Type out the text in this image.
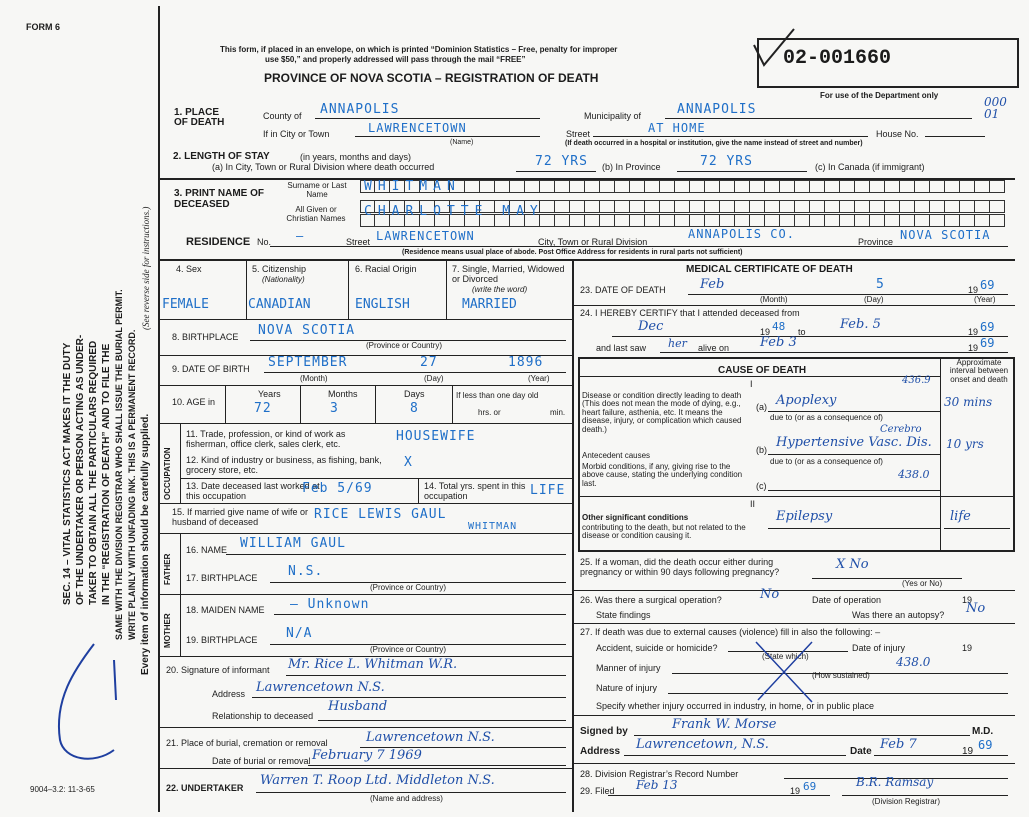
FORM 6
This form, if placed in an envelope, on which is printed “Dominion Statistics – Free, penalty for improper
use $50,” and properly addressed will pass through the mail “FREE”
PROVINCE OF NOVA SCOTIA – REGISTRATION OF DEATH
02-001660
For use of the Department only	000 01
SEC. 14 – VITAL STATISTICS ACT MAKES IT THE DUTY OF THE UNDERTAKER OR PERSON ACTING AS UNDER- TAKER TO OBTAIN ALL THE PARTICULARS REQUIRED IN THE “REGISTRATION OF DEATH” AND TO FILE THE SAME WITH THE DIVISION REGISTRAR WHO SHALL ISSUE THE BURIAL PERMIT. WRITE PLAINLY WITH UNFADING INK. THIS IS A PERMANENT RECORD. Every item of information should be carefully supplied.
(See reverse side for instructions.)
9004–3.2: 11-3-65
1. PLACE OF DEATH
County of ANNAPOLIS	Municipality of	ANNAPOLIS
If in City or Town	LAWRENCETOWN
(Name)
Street	AT HOME	House No.
(If death occurred in a hospital or institution, give the name instead of street and number)
2. LENGTH OF STAY	(in years, months and days)
(a) In City, Town or Rural Division where death occurred	72 YRS (b) In Province	72 YRS	(c) In Canada (if immigrant)
3. PRINT NAME OF DECEASED
Surname or Last Name
All Given or Christian Names
WHITMAN
CHARLOTTE MAY
RESIDENCE No. —	Street LAWRENCETOWN	City, Town or Rural Division
ANNAPOLIS CO.
Province NOVA SCOTIA
(Residence means usual place of abode. Post Office Address for residents in rural parts not sufficient)
4. Sex
FEMALE
5. Citizenship
(Nationality)
CANADIAN
6. Racial Origin
ENGLISH
7. Single, Married, Widowed or Divorced
(write the word)
MARRIED
8. BIRTHPLACE NOVA SCOTIA
(Province or Country)
9. DATE OF BIRTH SEPTEMBER	27	1896
(Month)	(Day)	(Year)
10. AGE in
Years	Months	Days
72	3	8
If less than one day old
hrs. or	min.
OCCUPATION
11. Trade, profession, or kind of work as fisherman, office clerk, sales clerk, etc.	HOUSEWIFE
12. Kind of industry or business, as fishing, bank, grocery store, etc.	X
13. Date deceased last worked at this occupation	Feb 5/69	14. Total yrs. spent in this occupation	LIFE
15. If married give name of wife or husband of deceased	RICE LEWIS GAUL
WHITMAN
FATHER
16. NAME WILLIAM GAUL
17. BIRTHPLACE N.S.
(Province or Country)
MOTHER
18. MAIDEN NAME — Unknown
19. BIRTHPLACE N/A
(Province or Country)
20. Signature of informant Mr. Rice L. Whitman W.R.
Address Lawrencetown N.S.
Relationship to deceased
Husband
21. Place of burial, cremation or removal	Lawrencetown N.S.
Date of burial or removal February 7 1969
22. UNDERTAKER Warren T. Roop Ltd. Middleton N.S.
(Name and address)
MEDICAL CERTIFICATE OF DEATH
23. DATE OF DEATH	Feb	5	19 69
(Month)	(Day)	(Year)
24. I HEREBY CERTIFY that I attended deceased from
Dec	19 48 to	Feb. 5	19 69
and last saw her alive on Feb 3	19 69
CAUSE OF DEATH
Approximate interval between onset and death
I
Disease or condition directly leading to death (This does not mean the mode of dying, e.g., heart failure, asthenia, etc. It means the disease, injury, or complication which caused death.)
(a) Apoplexy
436.9
30 mins
due to (or as a consequence of)
Antecedent causes
Morbid conditions, if any, giving rise to the above cause, stating the underlying condition last.
Cerebro
(b) Hypertensive Vasc. Dis. 10 yrs
due to (or as a consequence of)
438.0
(c)
II
Other significant conditions
contributing to the death, but not related to the disease or condition causing it.
Epilepsy	life
25. If a woman, did the death occur either during pregnancy or within 90 days following pregnancy?	X No
(Yes or No)
26. Was there a surgical operation?	No	Date of operation	19
State findings	Was there an autopsy? No
27. If death was due to external causes (violence) fill in also the following: –
Accident, suicide or homicide?
(State which)
Date of injury	19
438.0
Manner of injury
(How sustained)
Nature of injury
Specify whether injury occurred in industry, in home, or in public place
Signed by	Frank W. Morse	M.D.
Address Lawrencetown, N.S.	Date Feb 7	19 69
28. Division Registrar’s Record Number
29. Filed Feb 13	19 69	B.R. Ramsay
(Division Registrar)
